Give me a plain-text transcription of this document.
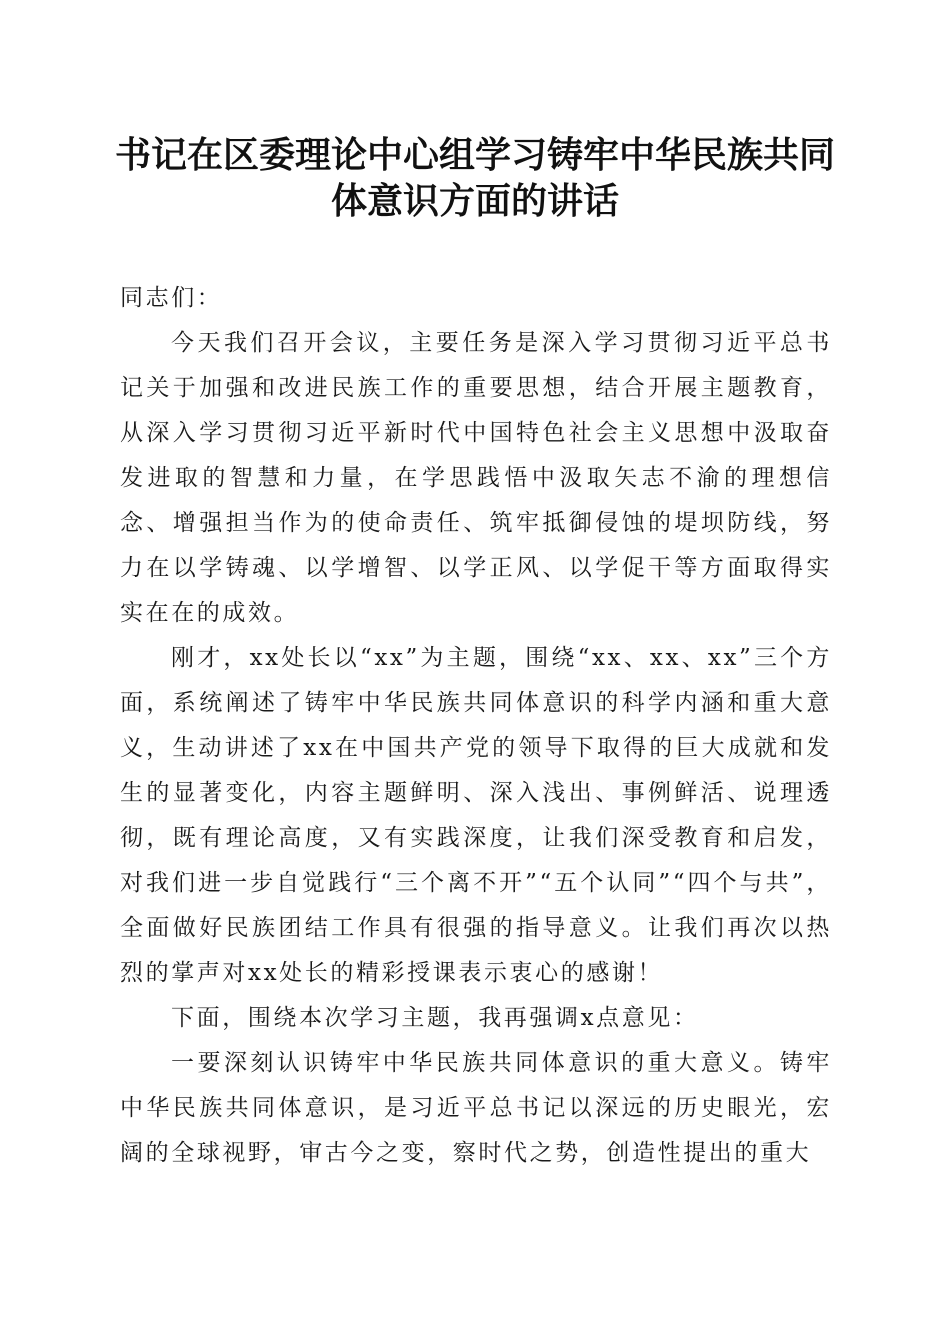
书记在区委理论中心组学习铸牢中华民族共同
体意识方面的讲话

同志们：

今天我们召开会议，主要任务是深入学习贯彻习近平总书记关于加强和改进民族工作的重要思想，结合开展主题教育，从深入学习贯彻习近平新时代中国特色社会主义思想中汲取奋发进取的智慧和力量，在学思践悟中汲取矢志不渝的理想信念、增强担当作为的使命责任、筑牢抵御侵蚀的堤坝防线，努力在以学铸魂、以学增智、以学正风、以学促干等方面取得实实在在的成效。

刚才，xx处长以“xx”为主题，围绕“xx、xx、xx”三个方面，系统阐述了铸牢中华民族共同体意识的科学内涵和重大意义，生动讲述了xx在中国共产党的领导下取得的巨大成就和发生的显著变化，内容主题鲜明、深入浅出、事例鲜活、说理透彻，既有理论高度，又有实践深度，让我们深受教育和启发，对我们进一步自觉践行“三个离不开”“五个认同”“四个与共”，全面做好民族团结工作具有很强的指导意义。让我们再次以热烈的掌声对xx处长的精彩授课表示衷心的感谢！

下面，围绕本次学习主题，我再强调x点意见：

一要深刻认识铸牢中华民族共同体意识的重大意义。铸牢中华民族共同体意识，是习近平总书记以深远的历史眼光，宏阔的全球视野，审古今之变，察时代之势，创造性提出的重大
